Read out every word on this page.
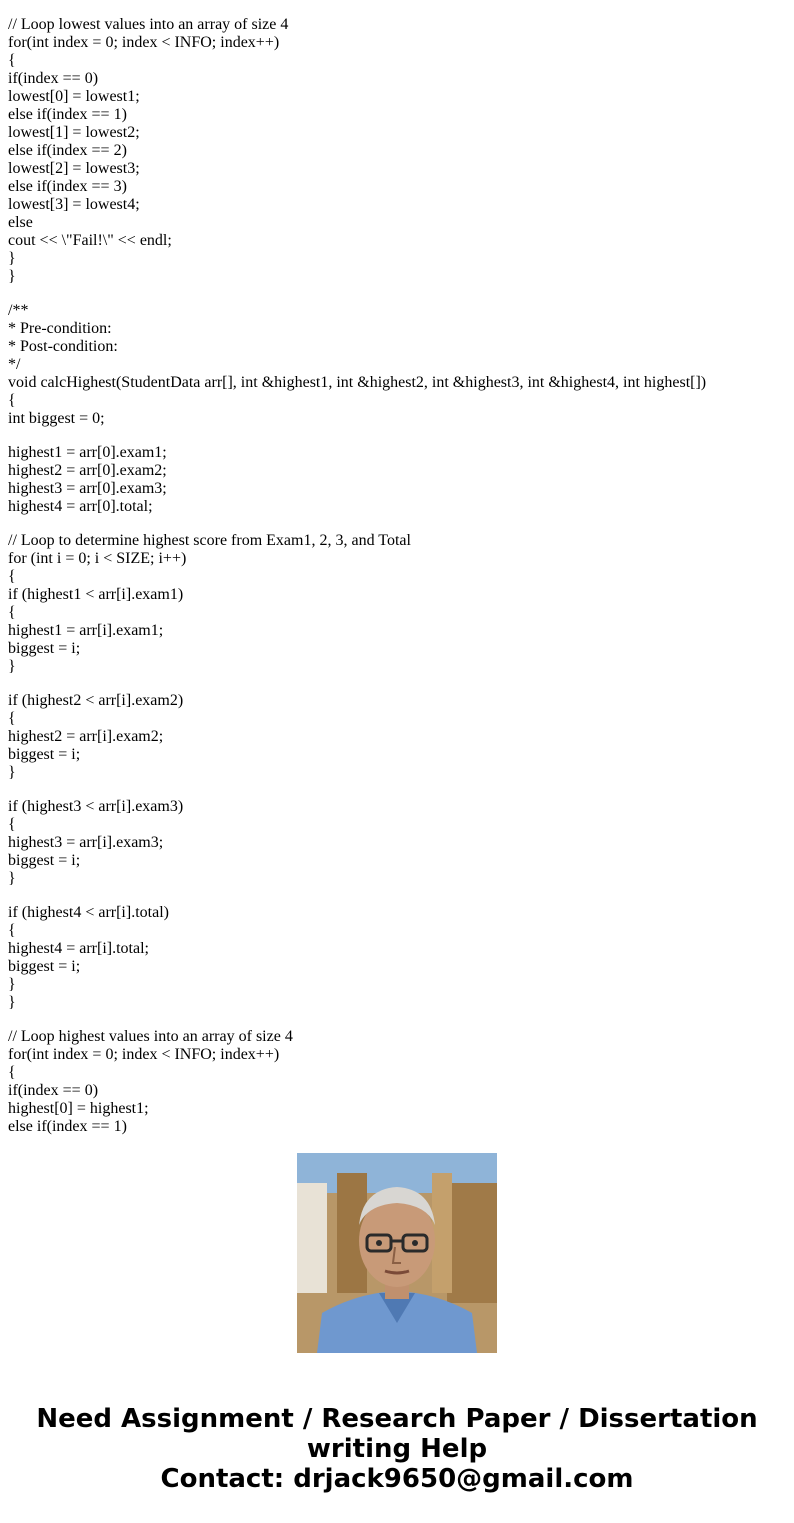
// Loop lowest values into an array of size 4

for(int index = 0; index < INFO; index++)

{

if(index == 0)

lowest[0] = lowest1;

else if(index == 1)

lowest[1] = lowest2;

else if(index == 2)

lowest[2] = lowest3;

else if(index == 3)

lowest[3] = lowest4;

else

cout << \"Fail!\" << endl;

}

}

/**

* Pre-condition:

* Post-condition:

*/

void calcHighest(StudentData arr[], int &highest1, int &highest2, int &highest3, int &highest4, int highest[])

{

int biggest = 0;

highest1 = arr[0].exam1;

highest2 = arr[0].exam2;

highest3 = arr[0].exam3;

highest4 = arr[0].total;

// Loop to determine highest score from Exam1, 2, 3, and Total

for (int i = 0; i < SIZE; i++)

{

if (highest1 < arr[i].exam1)

{

highest1 = arr[i].exam1;

biggest = i;

}

if (highest2 < arr[i].exam2)

{

highest2 = arr[i].exam2;

biggest = i;

}

if (highest3 < arr[i].exam3)

{

highest3 = arr[i].exam3;

biggest = i;

}

if (highest4 < arr[i].total)

{

highest4 = arr[i].total;

biggest = i;

}

}

// Loop highest values into an array of size 4

for(int index = 0; index < INFO; index++)

{

if(index == 0)

highest[0] = highest1;

else if(index == 1)

Need Assignment / Research Paper / Dissertation
writing Help
Contact: drjack9650@gmail.com
